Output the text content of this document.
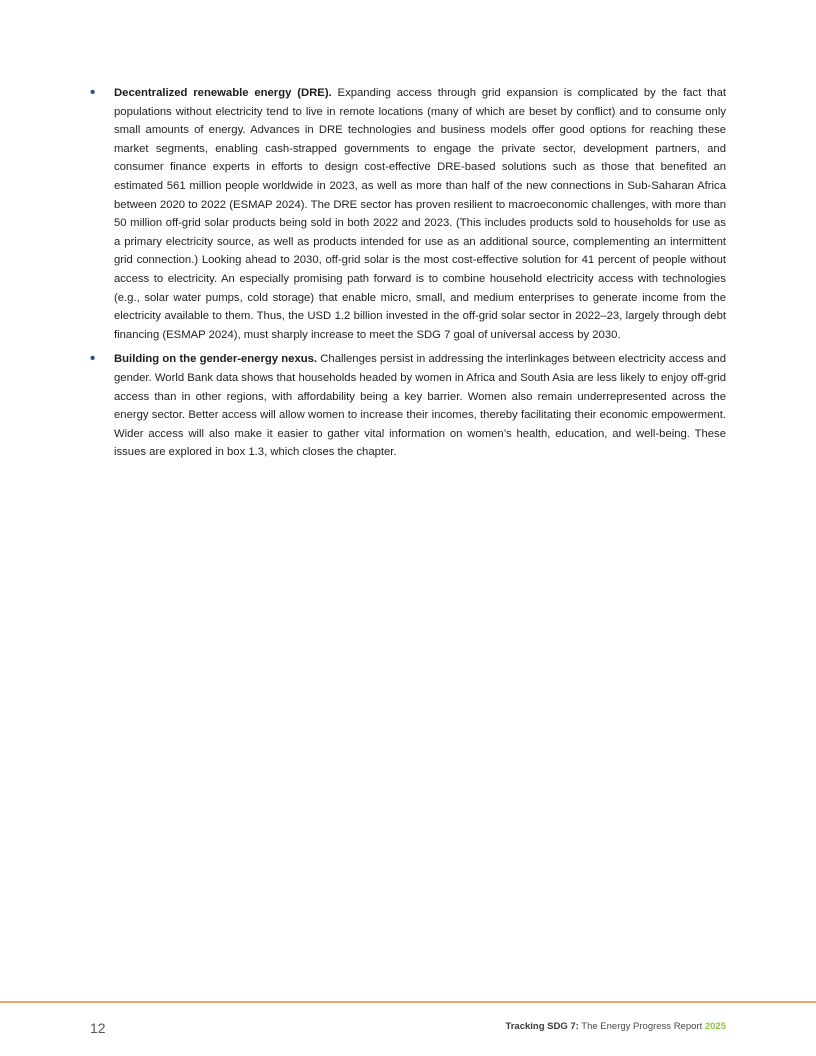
• Decentralized renewable energy (DRE). Expanding access through grid expansion is complicated by the fact that populations without electricity tend to live in remote locations (many of which are beset by conflict) and to consume only small amounts of energy. Advances in DRE technologies and business models offer good options for reaching these market segments, enabling cash-strapped governments to engage the private sector, development partners, and consumer finance experts in efforts to design cost-effective DRE-based solutions such as those that benefited an estimated 561 million people worldwide in 2023, as well as more than half of the new connections in Sub-Saharan Africa between 2020 to 2022 (ESMAP 2024). The DRE sector has proven resilient to macroeconomic challenges, with more than 50 million off-grid solar products being sold in both 2022 and 2023. (This includes products sold to households for use as a primary electricity source, as well as products intended for use as an additional source, complementing an intermittent grid connection.) Looking ahead to 2030, off-grid solar is the most cost-effective solution for 41 percent of people without access to electricity. An especially promising path forward is to combine household electricity access with technologies (e.g., solar water pumps, cold storage) that enable micro, small, and medium enterprises to generate income from the electricity available to them. Thus, the USD 1.2 billion invested in the off-grid solar sector in 2022–23, largely through debt financing (ESMAP 2024), must sharply increase to meet the SDG 7 goal of universal access by 2030.

• Building on the gender-energy nexus. Challenges persist in addressing the interlinkages between electricity access and gender. World Bank data shows that households headed by women in Africa and South Asia are less likely to enjoy off-grid access than in other regions, with affordability being a key barrier. Women also remain underrepresented across the energy sector. Better access will allow women to increase their incomes, thereby facilitating their economic empowerment. Wider access will also make it easier to gather vital information on women’s health, education, and well-being. These issues are explored in box 1.3, which closes the chapter.

12	Tracking SDG 7: The Energy Progress Report 2025
